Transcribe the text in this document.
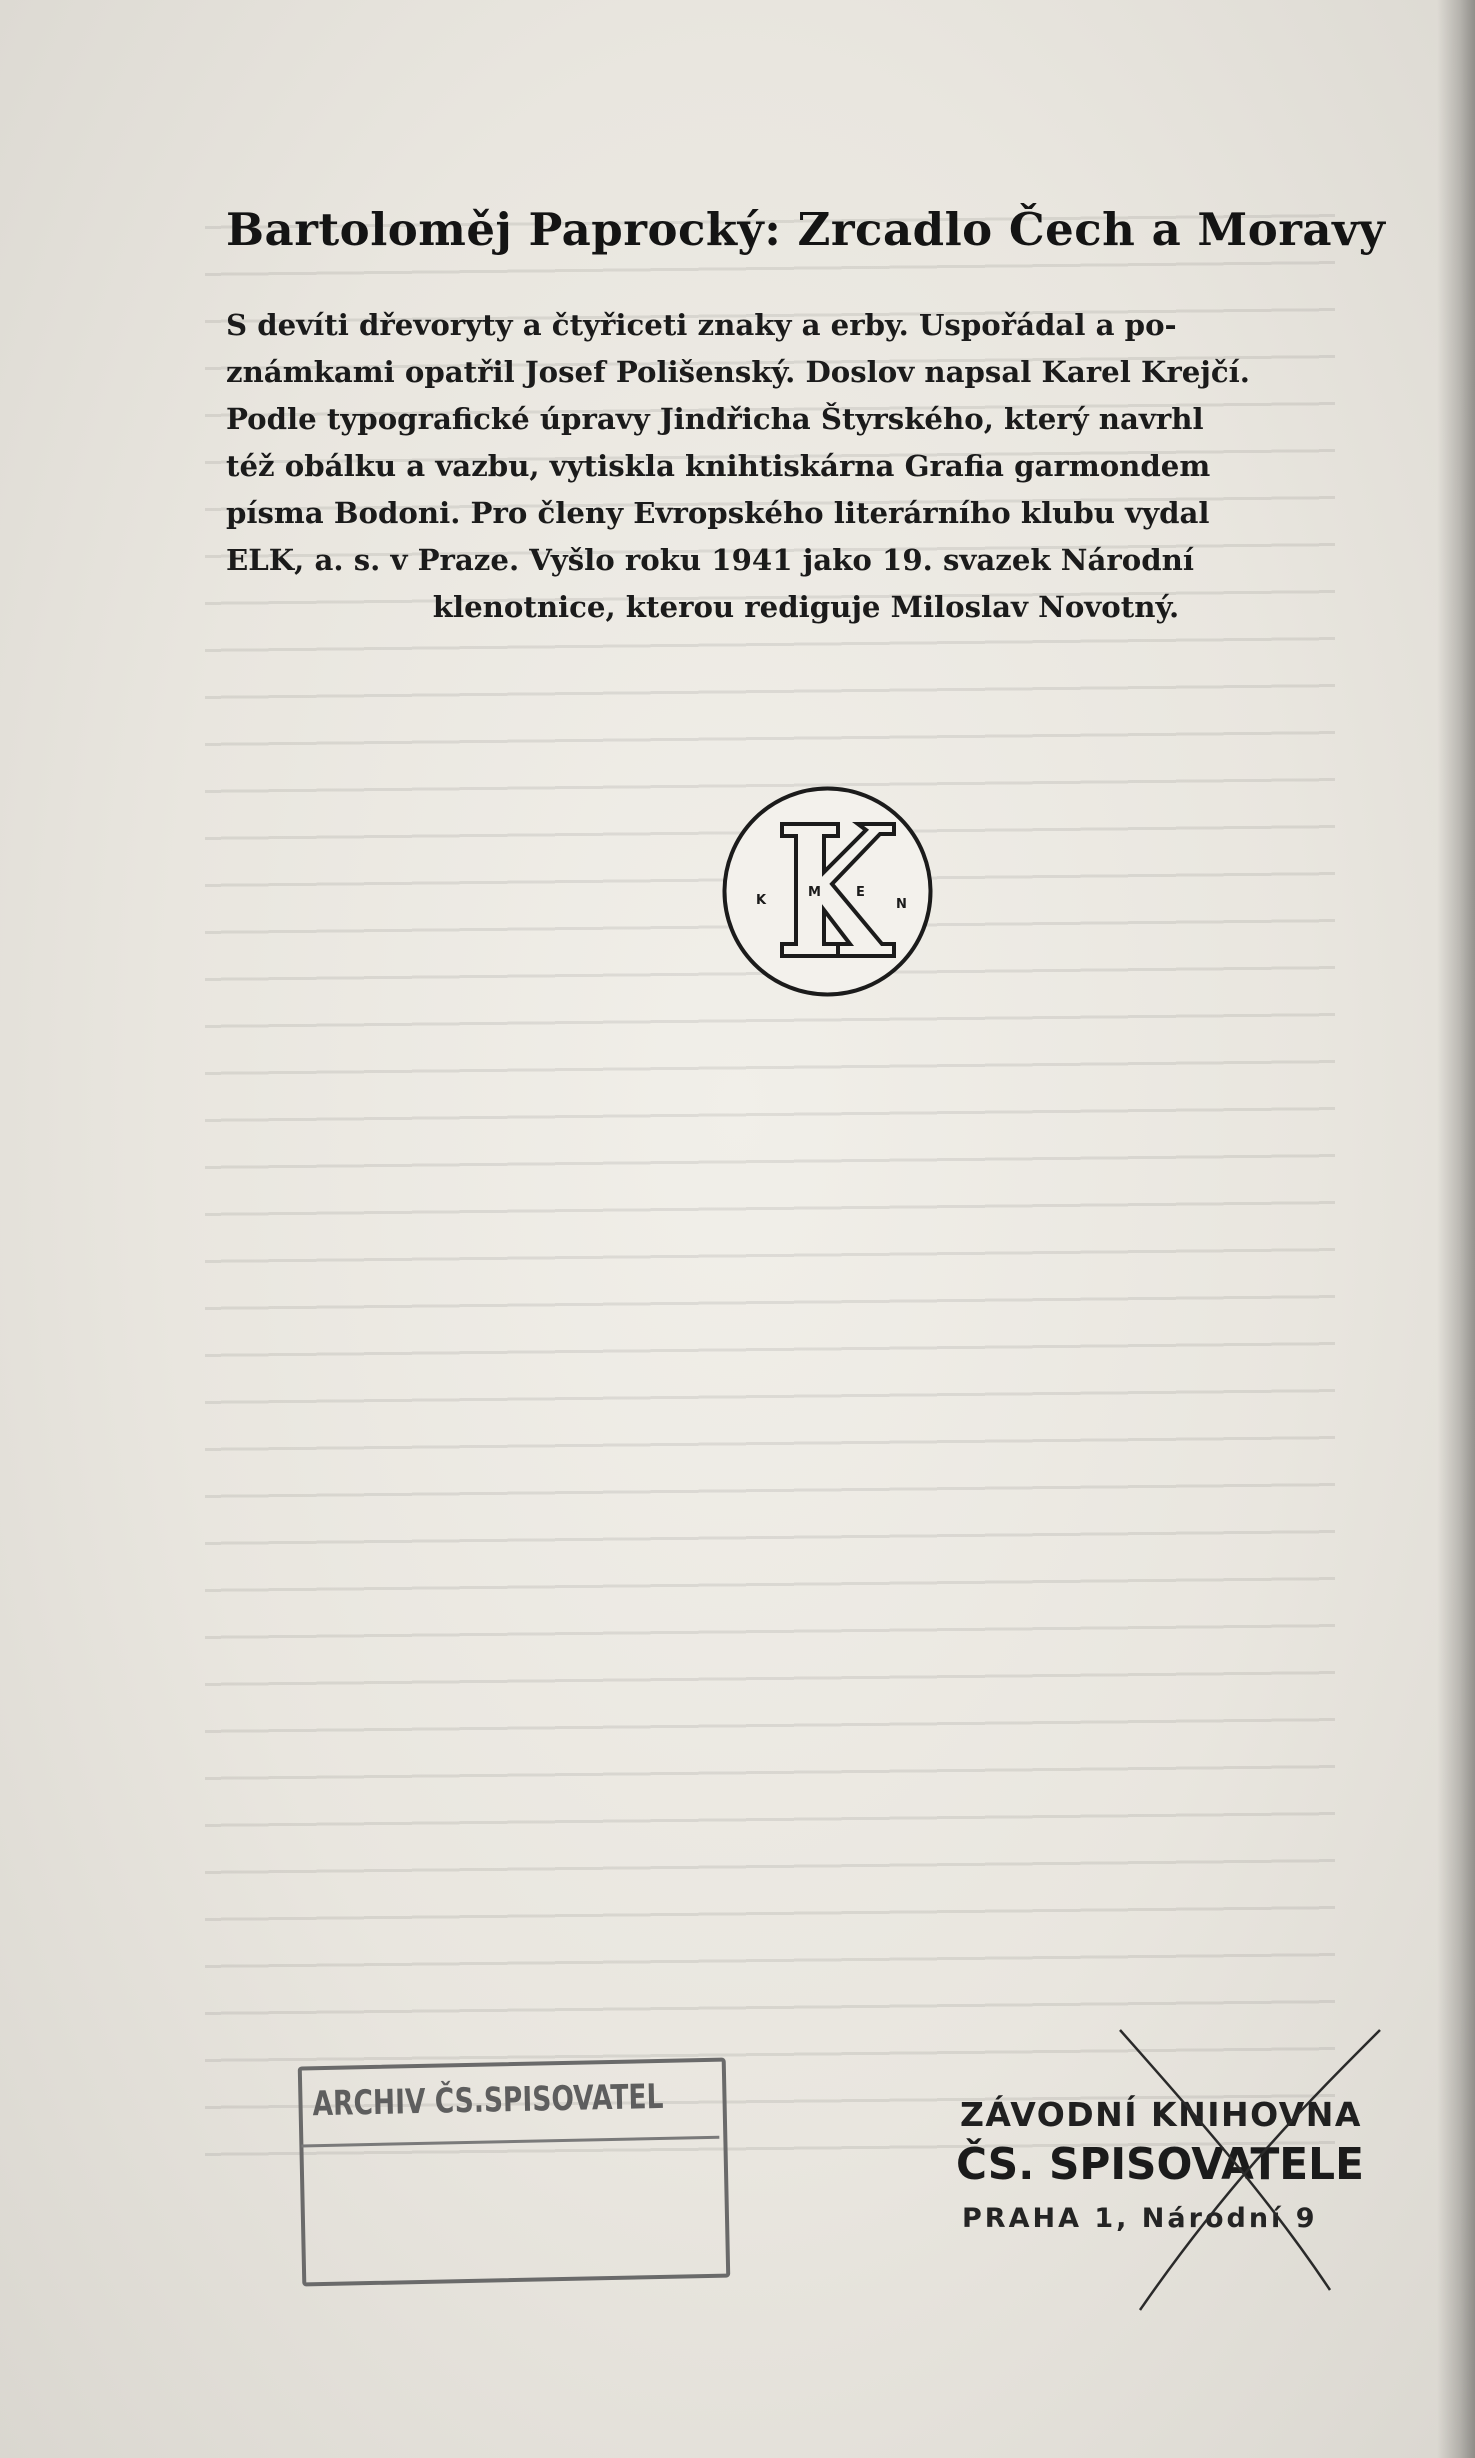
Bartoloměj Paprocký: Zrcadlo Čech a Moravy
S devíti dřevoryty a čtyřiceti znaky a erby. Uspořádal a po-
známkami opatřil Josef Polišenský. Doslov napsal Karel Krejčí.
Podle typografické úpravy Jindřicha Štyrského, který navrhl
též obálku a vazbu, vytiskla knihtiskárna Grafia garmondem
písma Bodoni. Pro členy Evropského literárního klubu vydal
ELK, a. s. v Praze. Vyšlo roku 1941 jako 19. svazek Národní
klenotnice, kterou rediguje Miloslav Novotný.
K
M	E
N
ARCHIV ČS.SPISOVATEL	ZÁVODNÍ KNIHOVNA
ČS. SPISOVATELE
PRAHA 1, Národní 9
